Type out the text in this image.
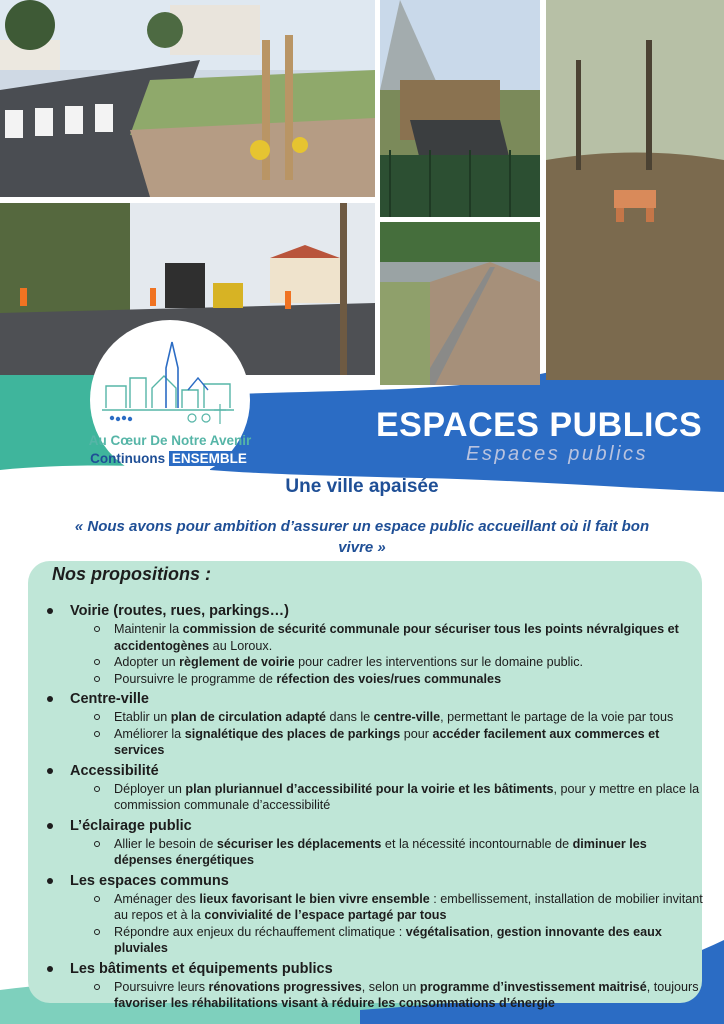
Au Cœur De Notre Avenir
Continuons ENSEMBLE
ESPACES PUBLICS
Espaces publics
Une ville apaisée
« Nous avons pour ambition d’assurer un espace public accueillant où il fait bon vivre »
Nos propositions :
Voirie (routes, rues, parkings…)
Maintenir la commission de sécurité communale pour sécuriser tous les points névralgiques et accidentogènes au Loroux.
Adopter un règlement de voirie pour cadrer les interventions sur le domaine public.
Poursuivre le programme de réfection des voies/rues communales
Centre-ville
Etablir un plan de circulation adapté dans le centre-ville, permettant le partage de la voie par tous
Améliorer la signalétique des places de parkings pour accéder facilement aux commerces et services
Accessibilité
Déployer un plan pluriannuel d’accessibilité pour la voirie et les bâtiments, pour y mettre en place la commission communale d’accessibilité
L’éclairage public
Allier le besoin de sécuriser les déplacements et la nécessité incontournable de diminuer les dépenses énergétiques
Les espaces communs
Aménager des lieux favorisant le bien vivre ensemble : embellissement, installation de mobilier invitant au repos et à la convivialité de l’espace partagé par tous
Répondre aux enjeux du réchauffement climatique : végétalisation, gestion innovante des eaux pluviales
Les bâtiments et équipements publics
Poursuivre leurs rénovations progressives, selon un programme d’investissement maitrisé, toujours favoriser les réhabilitations visant à réduire les consommations d’énergie
